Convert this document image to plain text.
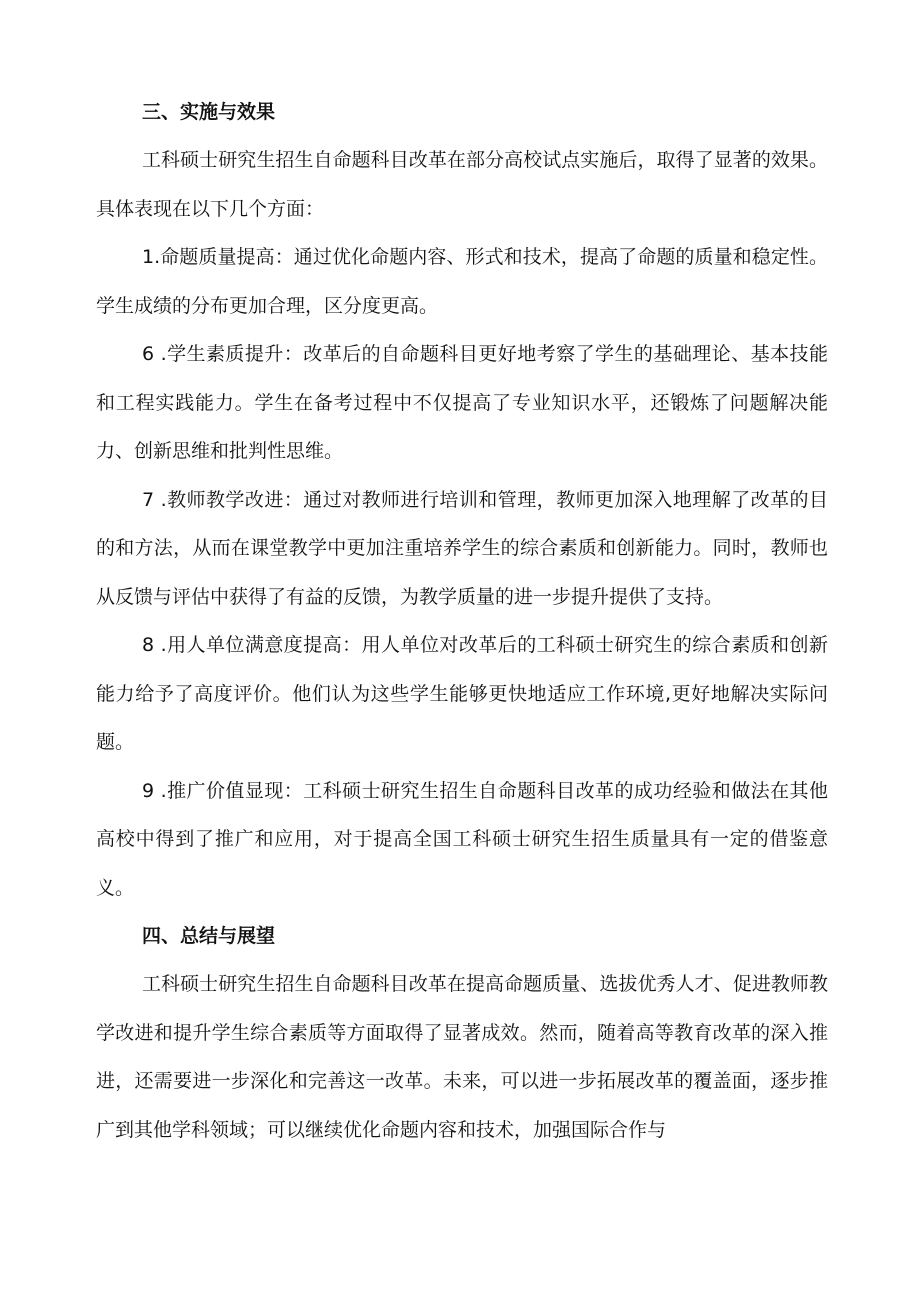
三、实施与效果

工科硕士研究生招生自命题科目改革在部分高校试点实施后，取得了显著的效果。具体表现在以下几个方面：

1.命题质量提高：通过优化命题内容、形式和技术，提高了命题的质量和稳定性。学生成绩的分布更加合理，区分度更高。

6 .学生素质提升：改革后的自命题科目更好地考察了学生的基础理论、基本技能和工程实践能力。学生在备考过程中不仅提高了专业知识水平，还锻炼了问题解决能力、创新思维和批判性思维。

7 .教师教学改进：通过对教师进行培训和管理，教师更加深入地理解了改革的目的和方法，从而在课堂教学中更加注重培养学生的综合素质和创新能力。同时，教师也从反馈与评估中获得了有益的反馈，为教学质量的进一步提升提供了支持。

8 .用人单位满意度提高：用人单位对改革后的工科硕士研究生的综合素质和创新能力给予了高度评价。他们认为这些学生能够更快地适应工作环境,更好地解决实际问题。

9 .推广价值显现：工科硕士研究生招生自命题科目改革的成功经验和做法在其他高校中得到了推广和应用，对于提高全国工科硕士研究生招生质量具有一定的借鉴意义。

四、总结与展望

工科硕士研究生招生自命题科目改革在提高命题质量、选拔优秀人才、促进教师教学改进和提升学生综合素质等方面取得了显著成效。然而，随着高等教育改革的深入推进，还需要进一步深化和完善这一改革。未来，可以进一步拓展改革的覆盖面，逐步推广到其他学科领域；可以继续优化命题内容和技术，加强国际合作与
